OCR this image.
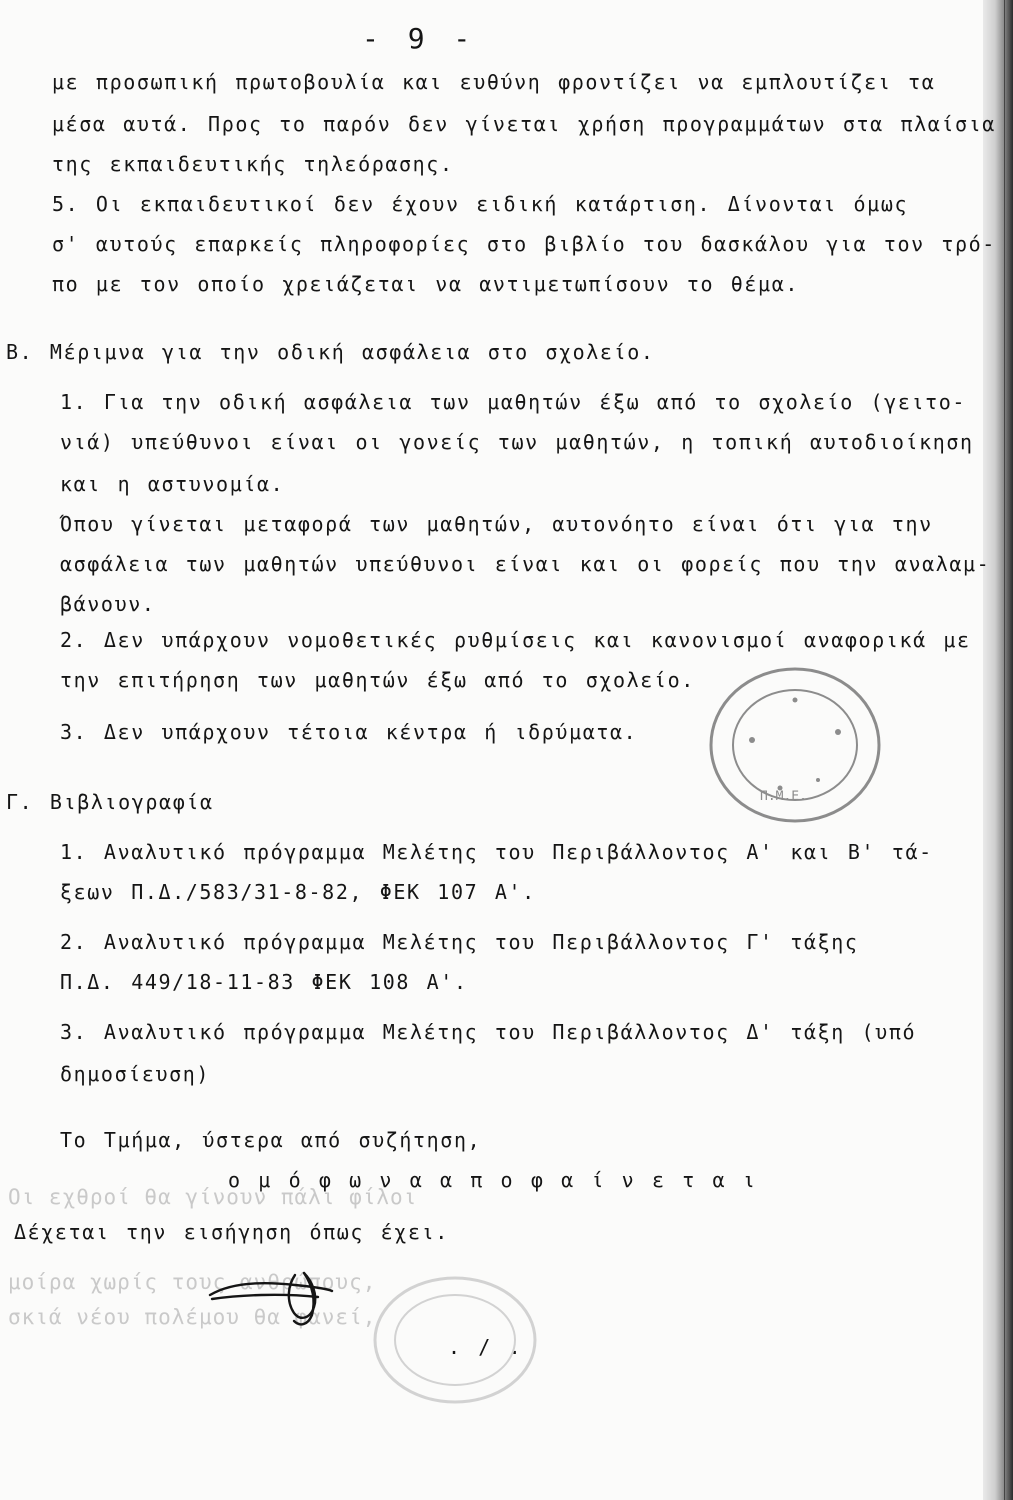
Οι εχθροί θα γίνουν πάλι φίλοι
μοίρα χωρίς τους ανθρώπους,
σκιά νέου πολέμου θα φανεί,
- 9 -
με προσωπική πρωτοβουλία και ευθύνη φροντίζει να εμπλουτίζει τα
μέσα αυτά. Προς το παρόν δεν γίνεται χρήση προγραμμάτων στα πλαίσια
της εκπαιδευτικής τηλεόρασης.
5. Οι εκπαιδευτικοί δεν έχουν ειδική κατάρτιση. Δίνονται όμως
σ' αυτούς επαρκείς πληροφορίες στο βιβλίο του δασκάλου για τον τρό-
πο με τον οποίο χρειάζεται να αντιμετωπίσουν το θέμα.
Β. Μέριμνα για την οδική ασφάλεια στο σχολείο.
1. Για την οδική ασφάλεια των μαθητών έξω από το σχολείο (γειτο-
νιά) υπεύθυνοι είναι οι γονείς των μαθητών, η τοπική αυτοδιοίκηση
και η αστυνομία.
Όπου γίνεται μεταφορά των μαθητών, αυτονόητο είναι ότι για την
ασφάλεια των μαθητών υπεύθυνοι είναι και οι φορείς που την αναλαμ-
βάνουν.
2. Δεν υπάρχουν νομοθετικές ρυθμίσεις και κανονισμοί αναφορικά με
την επιτήρηση των μαθητών έξω από το σχολείο.
3. Δεν υπάρχουν τέτοια κέντρα ή ιδρύματα.
Γ. Βιβλιογραφία
1. Αναλυτικό πρόγραμμα Μελέτης του Περιβάλλοντος Α' και Β' τά-
ξεων Π.Δ./583/31-8-82, ΦΕΚ 107 Α'.
2. Αναλυτικό πρόγραμμα Μελέτης του Περιβάλλοντος Γ' τάξης
Π.Δ. 449/18-11-83 ΦΕΚ 108 Α'.
3. Αναλυτικό πρόγραμμα Μελέτης του Περιβάλλοντος Δ' τάξη (υπό
δημοσίευση)
Το Τμήμα, ύστερα από συζήτηση,
ο μ ό φ ω ν α α π ο φ α ί ν ε τ α ι
Δέχεται την εισήγηση όπως έχει.
. / .
Π.Μ.Ε.
